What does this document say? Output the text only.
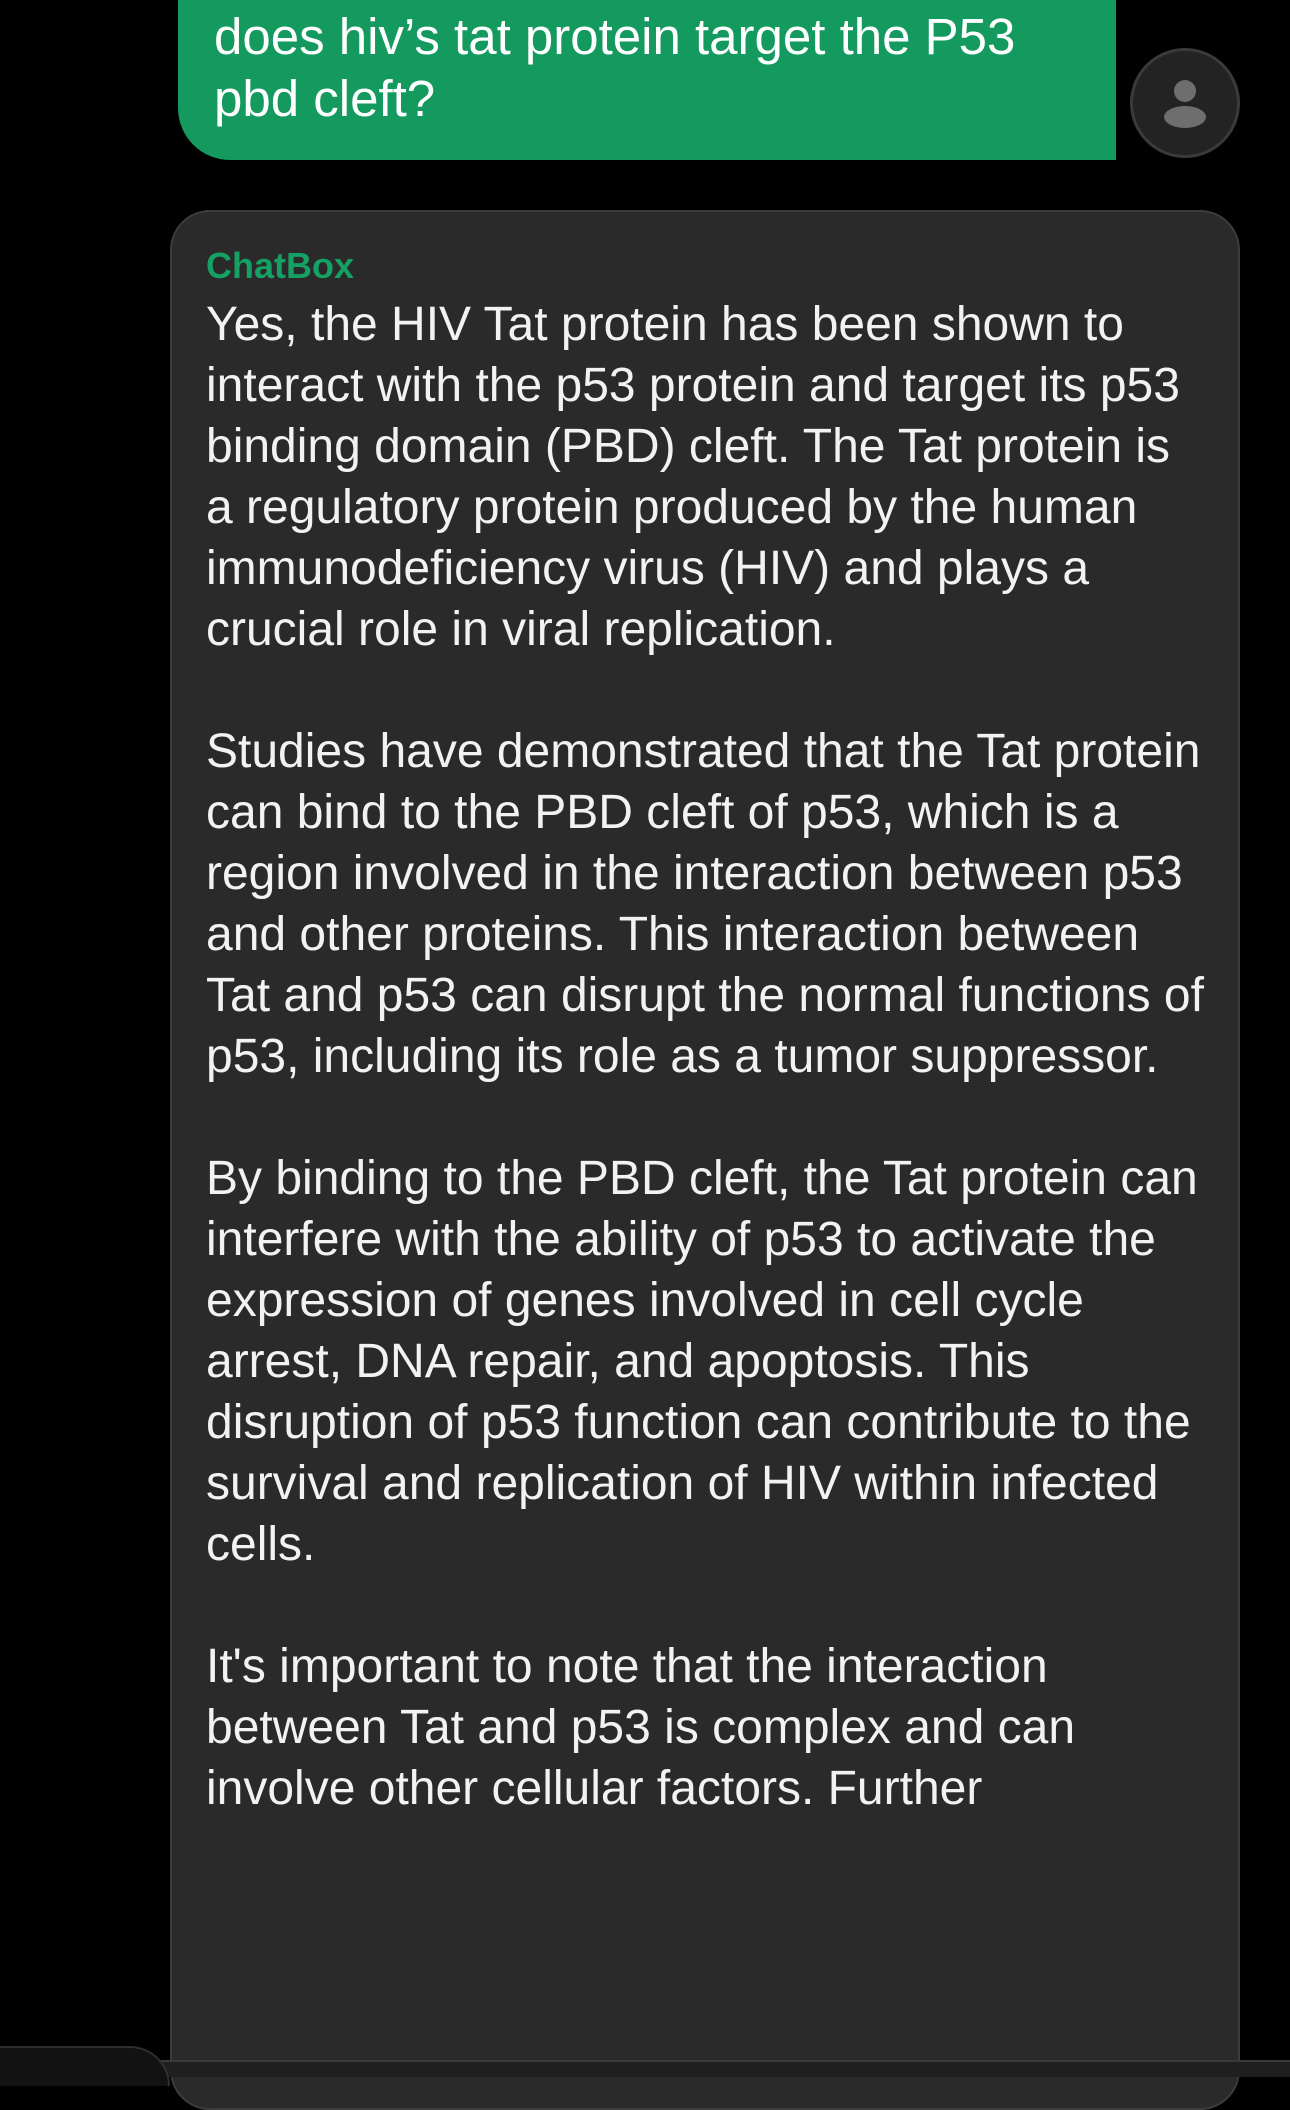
does hiv’s tat protein target the P53 pbd cleft?
ChatBox

Yes, the HIV Tat protein has been shown to interact with the p53 protein and target its p53 binding domain (PBD) cleft. The Tat protein is a regulatory protein produced by the human immunodeficiency virus (HIV) and plays a crucial role in viral replication.

Studies have demonstrated that the Tat protein can bind to the PBD cleft of p53, which is a region involved in the interaction between p53 and other proteins. This interaction between Tat and p53 can disrupt the normal functions of p53, including its role as a tumor suppressor.

By binding to the PBD cleft, the Tat protein can interfere with the ability of p53 to activate the expression of genes involved in cell cycle arrest, DNA repair, and apoptosis. This disruption of p53 function can contribute to the survival and replication of HIV within infected cells.

It's important to note that the interaction between Tat and p53 is complex and can involve other cellular factors. Further
